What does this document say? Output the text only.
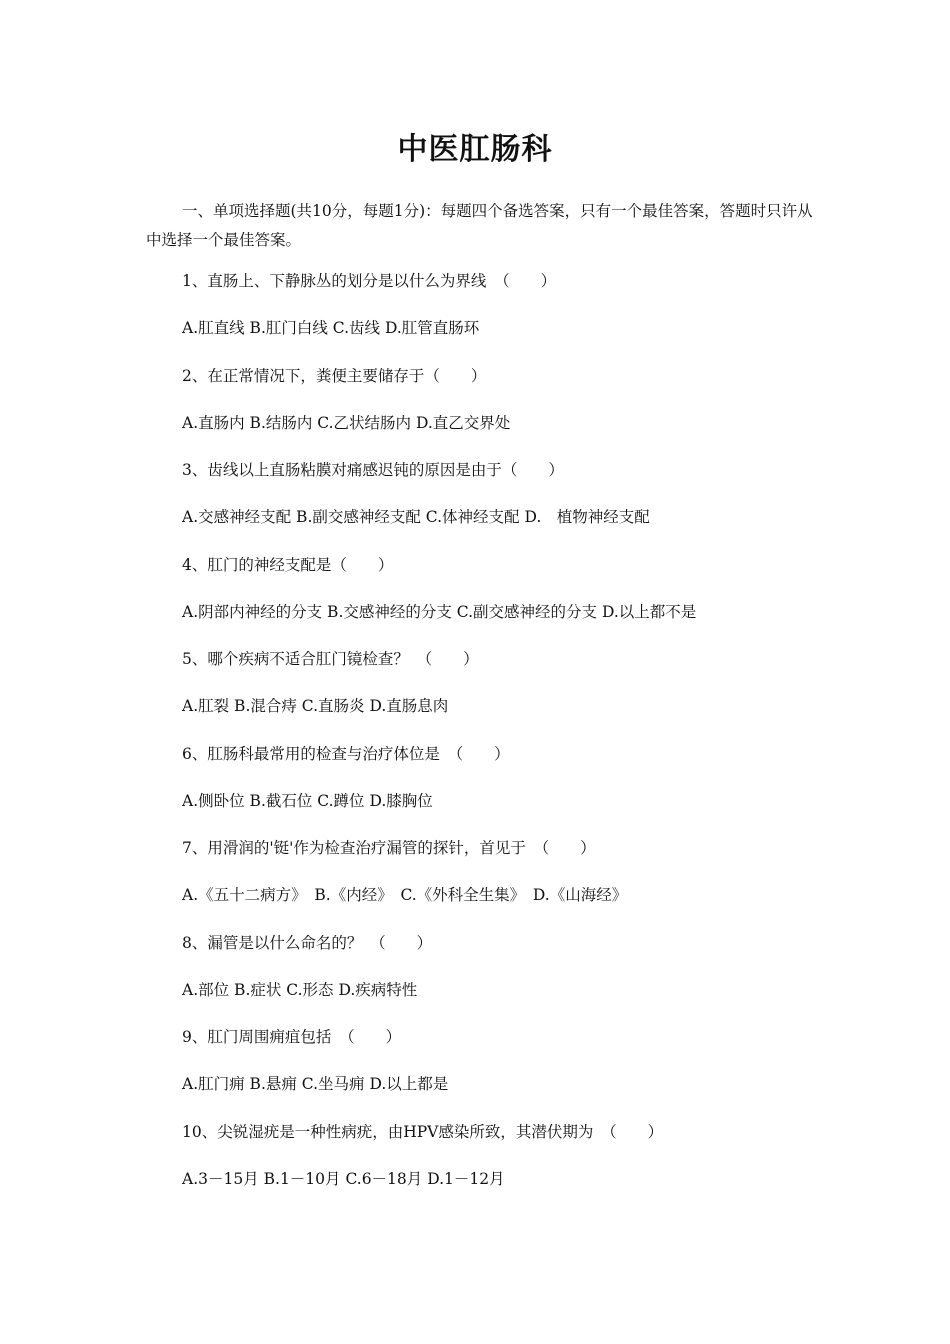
中医肛肠科
一、单项选择题(共10分，每题1分)：每题四个备选答案，只有一个最佳答案，答题时只许从中选择一个最佳答案。
1、直肠上、下静脉丛的划分是以什么为界线　（　　）
A.肛直线 B.肛门白线 C.齿线 D.肛管直肠环
2、在正常情况下，粪便主要储存于（　　）
A.直肠内 B.结肠内 C.乙状结肠内 D.直乙交界处
3、齿线以上直肠粘膜对痛感迟钝的原因是由于（　　）
A.交感神经支配 B.副交感神经支配 C.体神经支配 D.　植物神经支配
4、肛门的神经支配是（　　）
A.阴部内神经的分支 B.交感神经的分支 C.副交感神经的分支 D.以上都不是
5、哪个疾病不适合肛门镜检查？　（　　）
A.肛裂 B.混合痔 C.直肠炎 D.直肠息肉
6、肛肠科最常用的检查与治疗体位是　（　　）
A.侧卧位 B.截石位 C.蹲位 D.膝胸位
7、用滑润的'铤'作为检查治疗漏管的探针，首见于　（　　）
A.《五十二病方》　B.《内经》　C.《外科全生集》　D.《山海经》
8、漏管是以什么命名的？　（　　）
A.部位 B.症状 C.形态 D.疾病特性
9、肛门周围痈疽包括　（　　）
A.肛门痈 B.悬痈 C.坐马痈 D.以上都是
10、尖锐湿疣是一种性病疣，由HPV感染所致，其潜伏期为　（　　）
A.3－15月 B.1－10月 C.6－18月 D.1－12月
